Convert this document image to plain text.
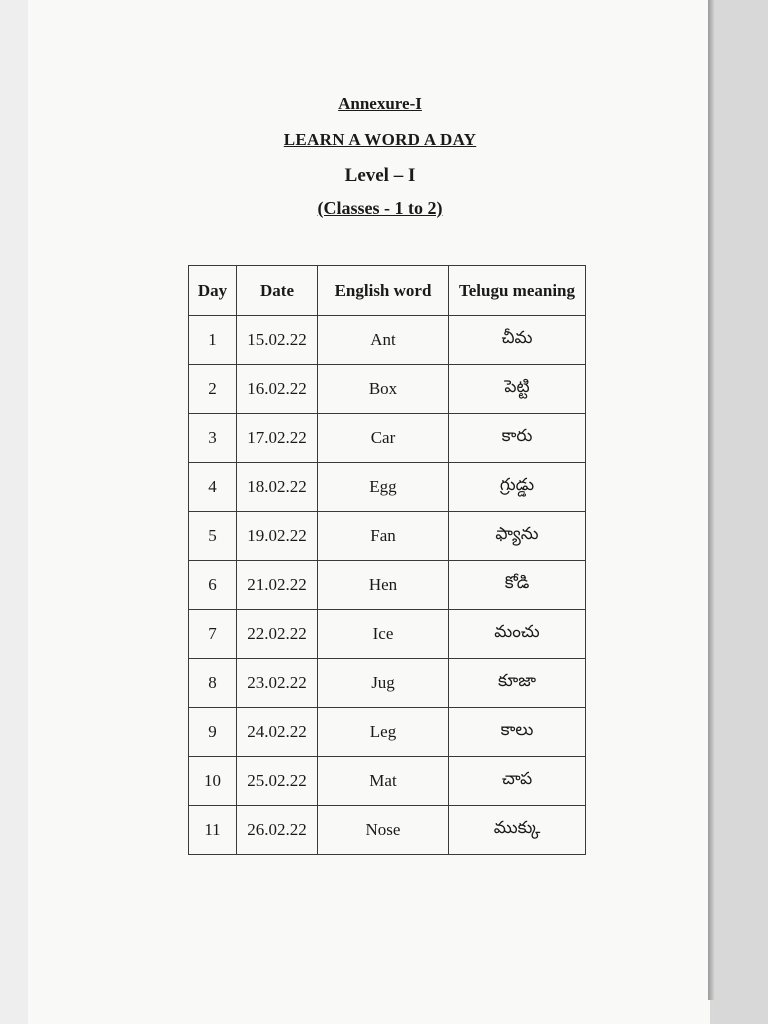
Annexure-I
LEARN A WORD A DAY
Level – I
(Classes - 1 to 2)
Day	Date	English word	Telugu meaning
1	15.02.22	Ant	చీమ
2	16.02.22	Box	పెట్టి
3	17.02.22	Car	కారు
4	18.02.22	Egg	గ్రుడ్డు
5	19.02.22	Fan	ఫ్యాను
6	21.02.22	Hen	కోడి
7	22.02.22	Ice	మంచు
8	23.02.22	Jug	కూజా
9	24.02.22	Leg	కాలు
10	25.02.22	Mat	చాప
11	26.02.22	Nose	ముక్కు
